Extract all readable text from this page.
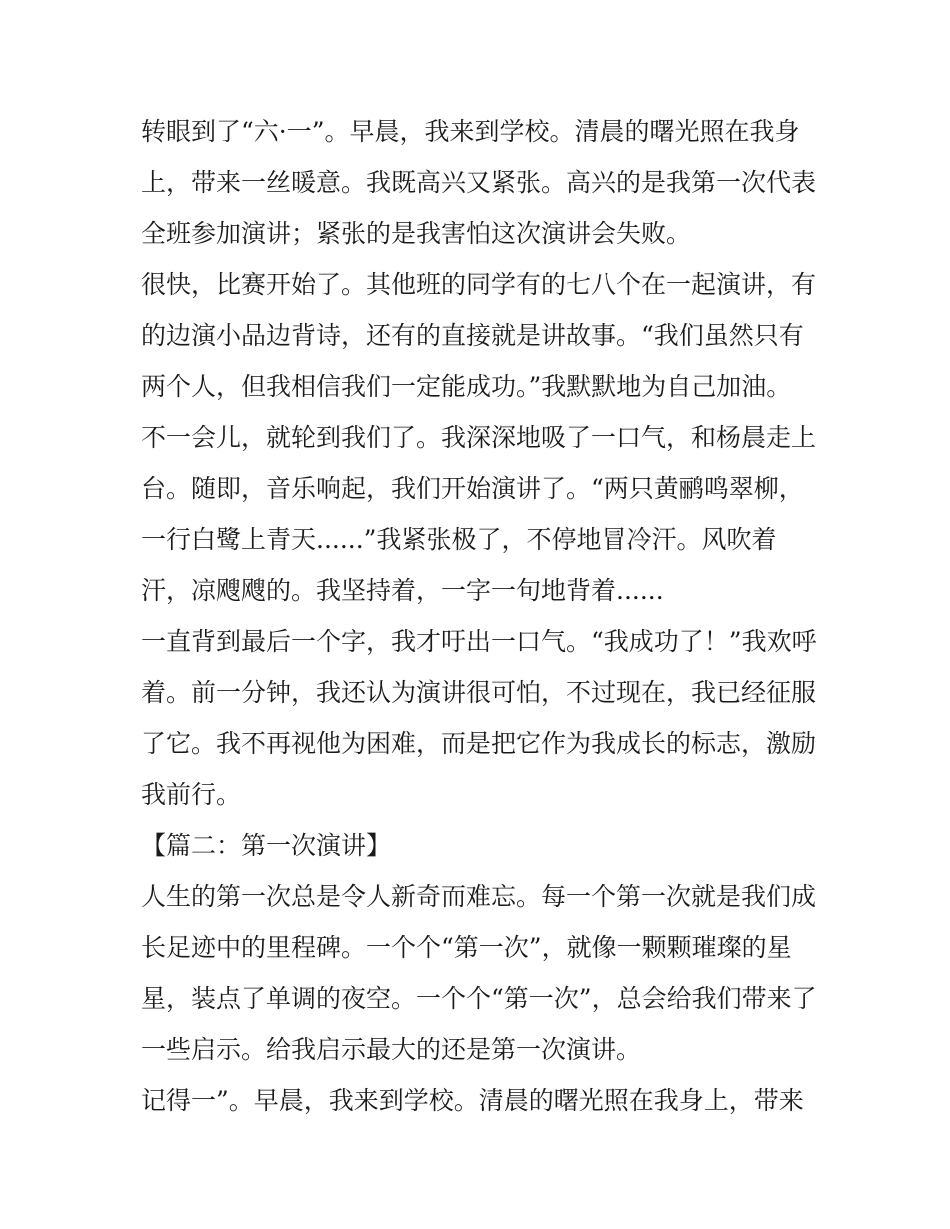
转眼到了“六·一”。早晨，我来到学校。清晨的曙光照在我身
上，带来一丝暖意。我既高兴又紧张。高兴的是我第一次代表
全班参加演讲；紧张的是我害怕这次演讲会失败。
很快，比赛开始了。其他班的同学有的七八个在一起演讲，有
的边演小品边背诗，还有的直接就是讲故事。“我们虽然只有
两个人，但我相信我们一定能成功。”我默默地为自己加油。
不一会儿，就轮到我们了。我深深地吸了一口气，和杨晨走上
台。随即，音乐响起，我们开始演讲了。“两只黄鹂鸣翠柳，
一行白鹭上青天......”我紧张极了，不停地冒冷汗。风吹着
汗，凉飕飕的。我坚持着，一字一句地背着......
一直背到最后一个字，我才吁出一口气。“我成功了！”我欢呼
着。前一分钟，我还认为演讲很可怕，不过现在，我已经征服
了它。我不再视他为困难，而是把它作为我成长的标志，激励
我前行。
【篇二：第一次演讲】
人生的第一次总是令人新奇而难忘。每一个第一次就是我们成
长足迹中的里程碑。一个个“第一次”，就像一颗颗璀璨的星
星，装点了单调的夜空。一个个“第一次”，总会给我们带来了
一些启示。给我启示最大的还是第一次演讲。
记得一”。早晨，我来到学校。清晨的曙光照在我身上，带来
